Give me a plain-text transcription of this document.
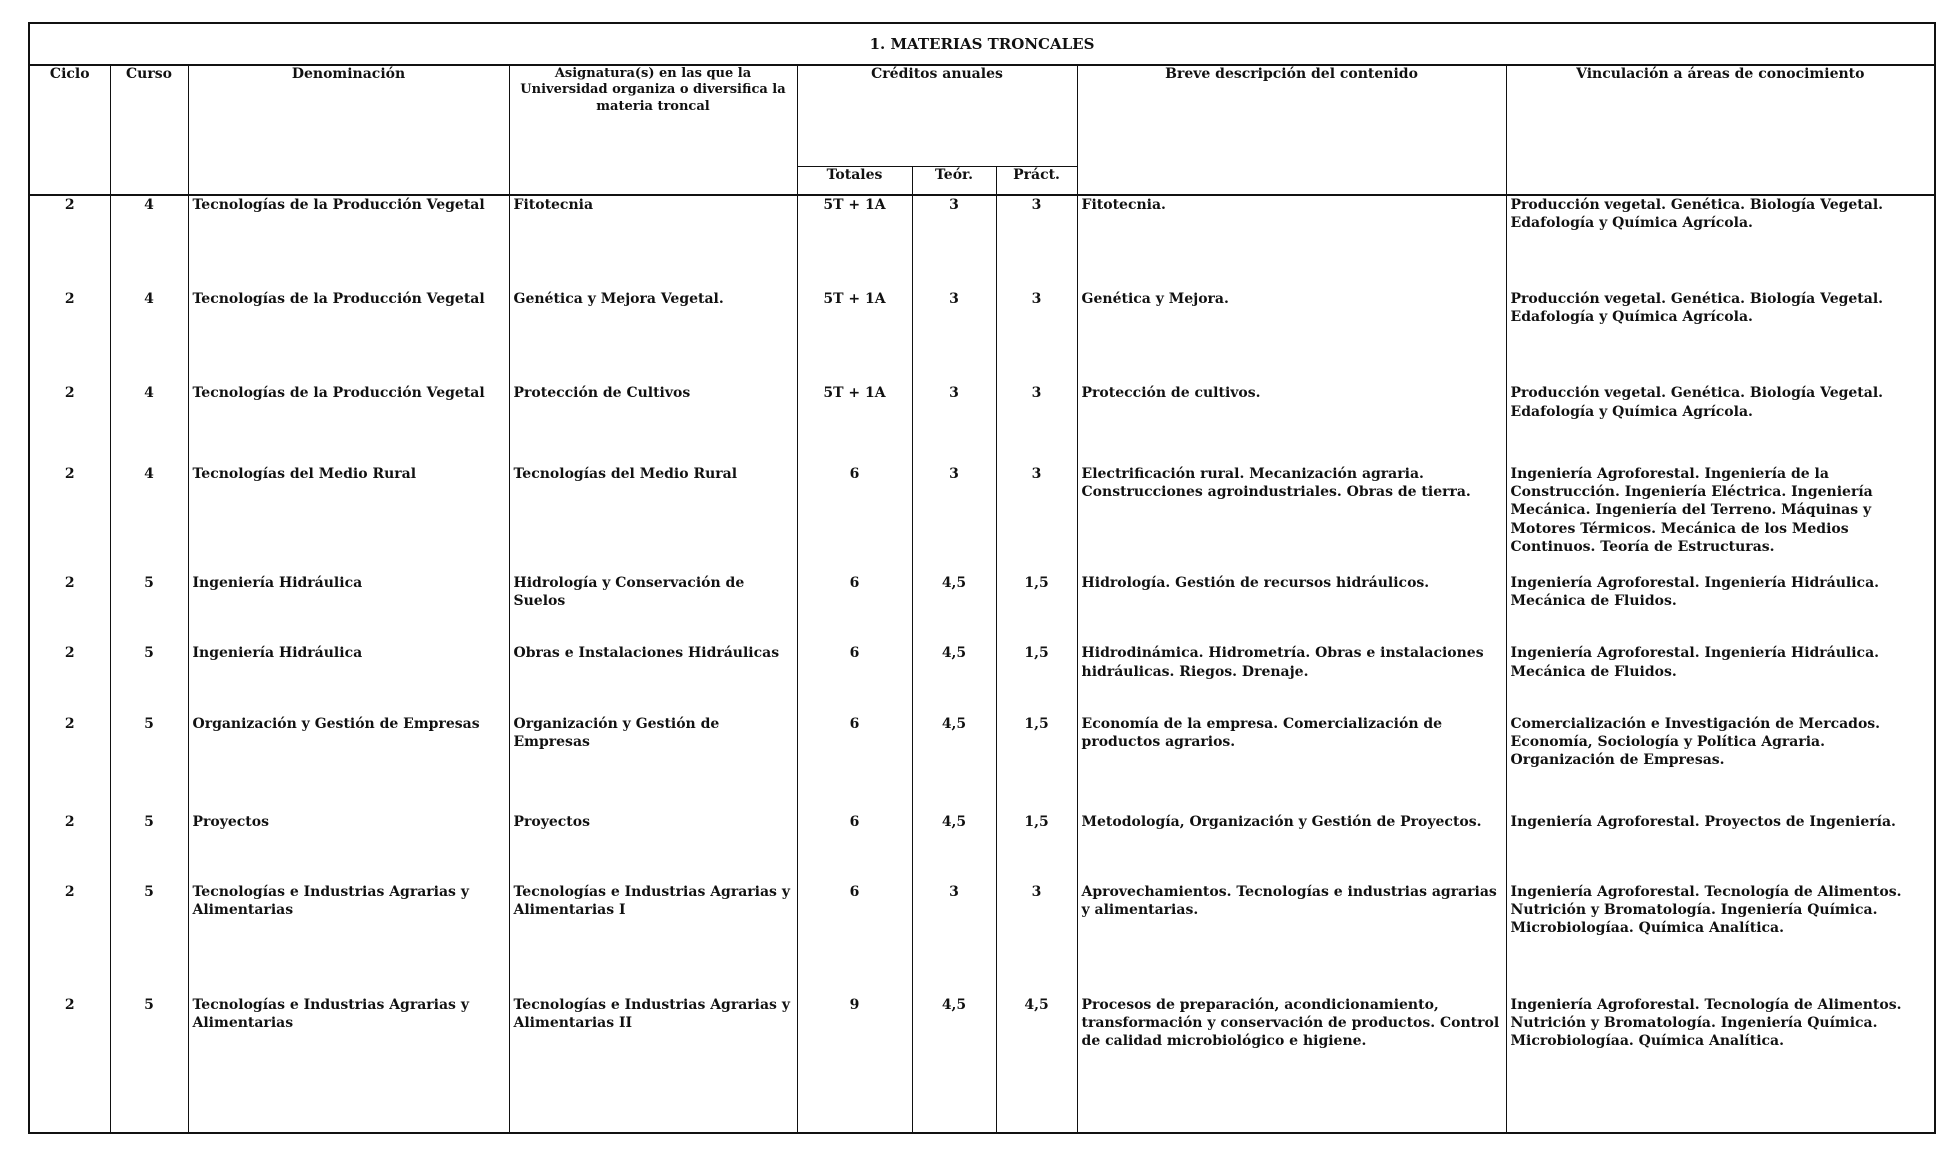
1. MATERIAS TRONCALES
Ciclo	Curso	Denominación	Asignatura(s) en las que la Universidad organiza o diversifica la materia troncal	Créditos anuales			Breve descripción del contenido	Vinculación a áreas de conocimiento
				Totales	Teór.	Práct.		
2	4	Tecnologías de la Producción Vegetal	Fitotecnia	5T + 1A	3	3	Fitotecnia.	Producción vegetal. Genética. Biología Vegetal. Edafología y Química Agrícola.
2	4	Tecnologías de la Producción Vegetal	Genética y Mejora Vegetal.	5T + 1A	3	3	Genética y Mejora.	Producción vegetal. Genética. Biología Vegetal. Edafología y Química Agrícola.
2	4	Tecnologías de la Producción Vegetal	Protección de Cultivos	5T + 1A	3	3	Protección de cultivos.	Producción vegetal. Genética. Biología Vegetal. Edafología y Química Agrícola.
2	4	Tecnologías del Medio Rural	Tecnologías del Medio Rural	6	3	3	Electrificación rural. Mecanización agraria. Construcciones agroindustriales. Obras de tierra.	Ingeniería Agroforestal. Ingeniería de la Construcción. Ingeniería Eléctrica. Ingeniería Mecánica. Ingeniería del Terreno. Máquinas y Motores Térmicos. Mecánica de los Medios Continuos. Teoría de Estructuras.
2	5	Ingeniería Hidráulica	Hidrología y Conservación de Suelos	6	4,5	1,5	Hidrología. Gestión de recursos hidráulicos.	Ingeniería Agroforestal. Ingeniería Hidráulica. Mecánica de Fluidos.
2	5	Ingeniería Hidráulica	Obras e Instalaciones Hidráulicas	6	4,5	1,5	Hidrodinámica. Hidrometría. Obras e instalaciones hidráulicas. Riegos. Drenaje.	Ingeniería Agroforestal. Ingeniería Hidráulica. Mecánica de Fluidos.
2	5	Organización y Gestión de Empresas	Organización y Gestión de Empresas	6	4,5	1,5	Economía de la empresa. Comercialización de productos agrarios.	Comercialización e Investigación de Mercados. Economía, Sociología y Política Agraria. Organización de Empresas.
2	5	Proyectos	Proyectos	6	4,5	1,5	Metodología, Organización y Gestión de Proyectos.	Ingeniería Agroforestal. Proyectos de Ingeniería.
2	5	Tecnologías e Industrias Agrarias y Alimentarias	Tecnologías e Industrias Agrarias y Alimentarias I	6	3	3	Aprovechamientos. Tecnologías e industrias agrarias y alimentarias.	Ingeniería Agroforestal. Tecnología de Alimentos. Nutrición y Bromatología. Ingeniería Química. Microbiologíaa. Química Analítica.
2	5	Tecnologías e Industrias Agrarias y Alimentarias	Tecnologías e Industrias Agrarias y Alimentarias II	9	4,5	4,5	Procesos de preparación, acondicionamiento, transformación y conservación de productos. Control de calidad microbiológico e higiene.	Ingeniería Agroforestal. Tecnología de Alimentos. Nutrición y Bromatología. Ingeniería Química. Microbiologíaa. Química Analítica.
